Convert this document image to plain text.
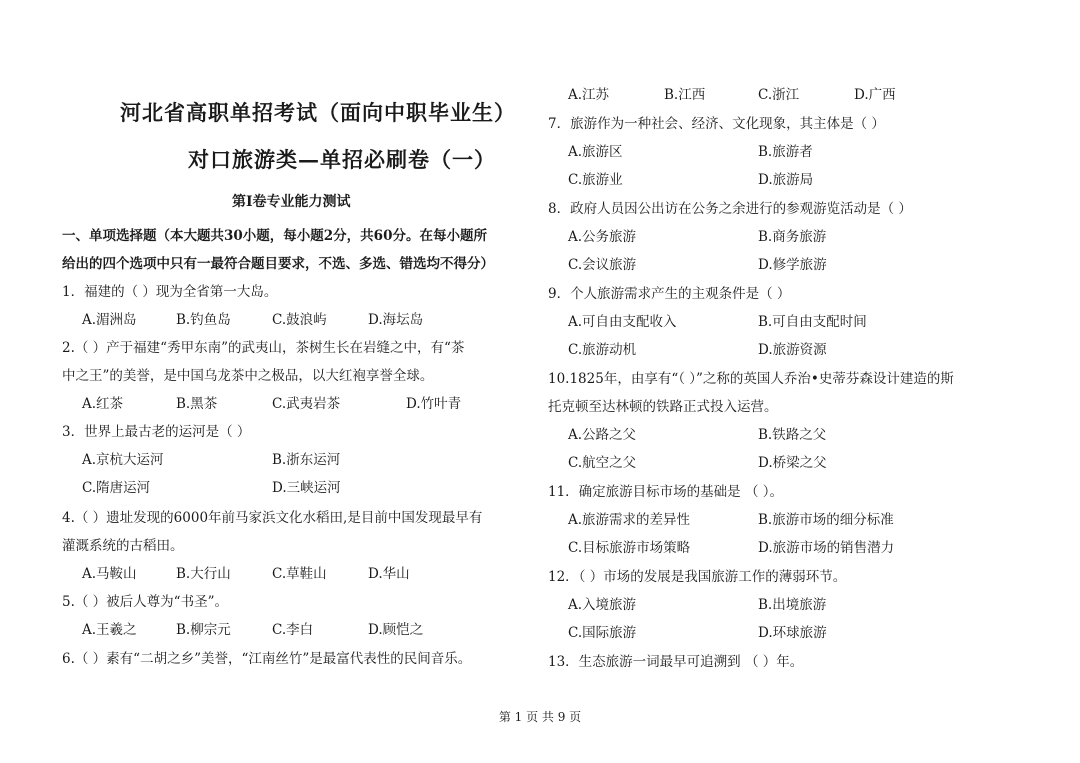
河北省高职单招考试（面向中职毕业生）
对口旅游类—单招必刷卷（一）
第Ⅰ卷专业能力测试
一、单项选择题（本大题共30小题，每小题2分，共60分。在每小题所
给出的四个选项中只有一最符合题目要求，不选、多选、错选均不得分）
1．福建的（ ）现为全省第一大岛。
A.湄洲岛	B.钓鱼岛	C.鼓浪屿	D.海坛岛
2.（ ）产于福建“秀甲东南”的武夷山，茶树生长在岩缝之中，有“茶
中之王”的美誉，是中国乌龙茶中之极品，以大红袍享誉全球。
A.红茶	B.黑茶	C.武夷岩茶	D.竹叶青
3．世界上最古老的运河是（ ）
A.京杭大运河	B.浙东运河
C.隋唐运河	D.三峡运河
4.（ ）遗址发现的6000年前马家浜文化水稻田,是目前中国发现最早有
灌溉系统的古稻田。
A.马鞍山	B.大行山	C.草鞋山	D.华山
5.（ ）被后人尊为“书圣”。
A.王羲之	B.柳宗元	C.李白	D.顾恺之
6.（ ）素有“二胡之乡”美誉，“江南丝竹”是最富代表性的民间音乐。
A.江苏	B.江西	C.浙江	D.广西
7．旅游作为一种社会、经济、文化现象，其主体是（ ）
A.旅游区	B.旅游者
C.旅游业	D.旅游局
8．政府人员因公出访在公务之余进行的参观游览活动是（ ）
A.公务旅游	B.商务旅游
C.会议旅游	D.修学旅游
9．个人旅游需求产生的主观条件是（ ）
A.可自由支配收入	B.可自由支配时间
C.旅游动机	D.旅游资源
10.1825年，由享有“（ ）”之称的英国人乔治•史蒂芬森设计建造的斯
托克顿至达林顿的铁路正式投入运营。
A.公路之父	B.铁路之父
C.航空之父	D.桥梁之父
11．确定旅游目标市场的基础是 （ ）。
A.旅游需求的差异性	B.旅游市场的细分标准
C.目标旅游市场策略	D.旅游市场的销售潜力
12．（ ）市场的发展是我国旅游工作的薄弱环节。
A.入境旅游	B.出境旅游
C.国际旅游	D.环球旅游
13．生态旅游一词最早可追溯到 （ ）年。
第 1 页 共 9 页
